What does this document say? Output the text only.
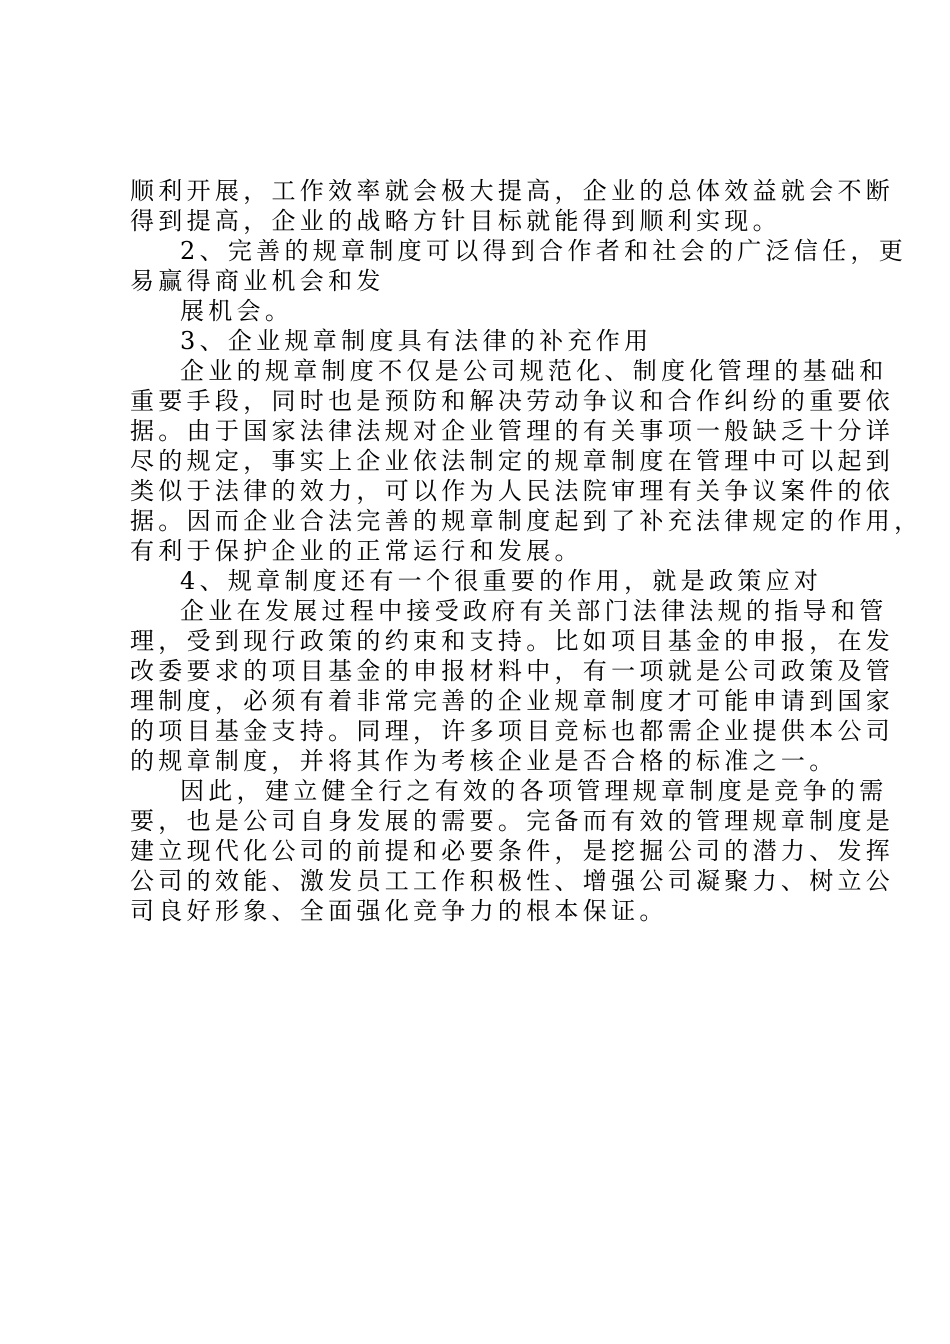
顺利开展，工作效率就会极大提高，企业的总体效益就会不断
得到提高，企业的战略方针目标就能得到顺利实现。
2、完善的规章制度可以得到合作者和社会的广泛信任，更
易赢得商业机会和发
展机会。
3、企业规章制度具有法律的补充作用
企业的规章制度不仅是公司规范化、制度化管理的基础和
重要手段，同时也是预防和解决劳动争议和合作纠纷的重要依
据。由于国家法律法规对企业管理的有关事项一般缺乏十分详
尽的规定，事实上企业依法制定的规章制度在管理中可以起到
类似于法律的效力，可以作为人民法院审理有关争议案件的依
据。因而企业合法完善的规章制度起到了补充法律规定的作用，
有利于保护企业的正常运行和发展。
4、规章制度还有一个很重要的作用，就是政策应对
企业在发展过程中接受政府有关部门法律法规的指导和管
理，受到现行政策的约束和支持。比如项目基金的申报，在发
改委要求的项目基金的申报材料中，有一项就是公司政策及管
理制度，必须有着非常完善的企业规章制度才可能申请到国家
的项目基金支持。同理，许多项目竞标也都需企业提供本公司
的规章制度，并将其作为考核企业是否合格的标准之一。
因此，建立健全行之有效的各项管理规章制度是竞争的需
要，也是公司自身发展的需要。完备而有效的管理规章制度是
建立现代化公司的前提和必要条件，是挖掘公司的潜力、发挥
公司的效能、激发员工工作积极性、增强公司凝聚力、树立公
司良好形象、全面强化竞争力的根本保证。
